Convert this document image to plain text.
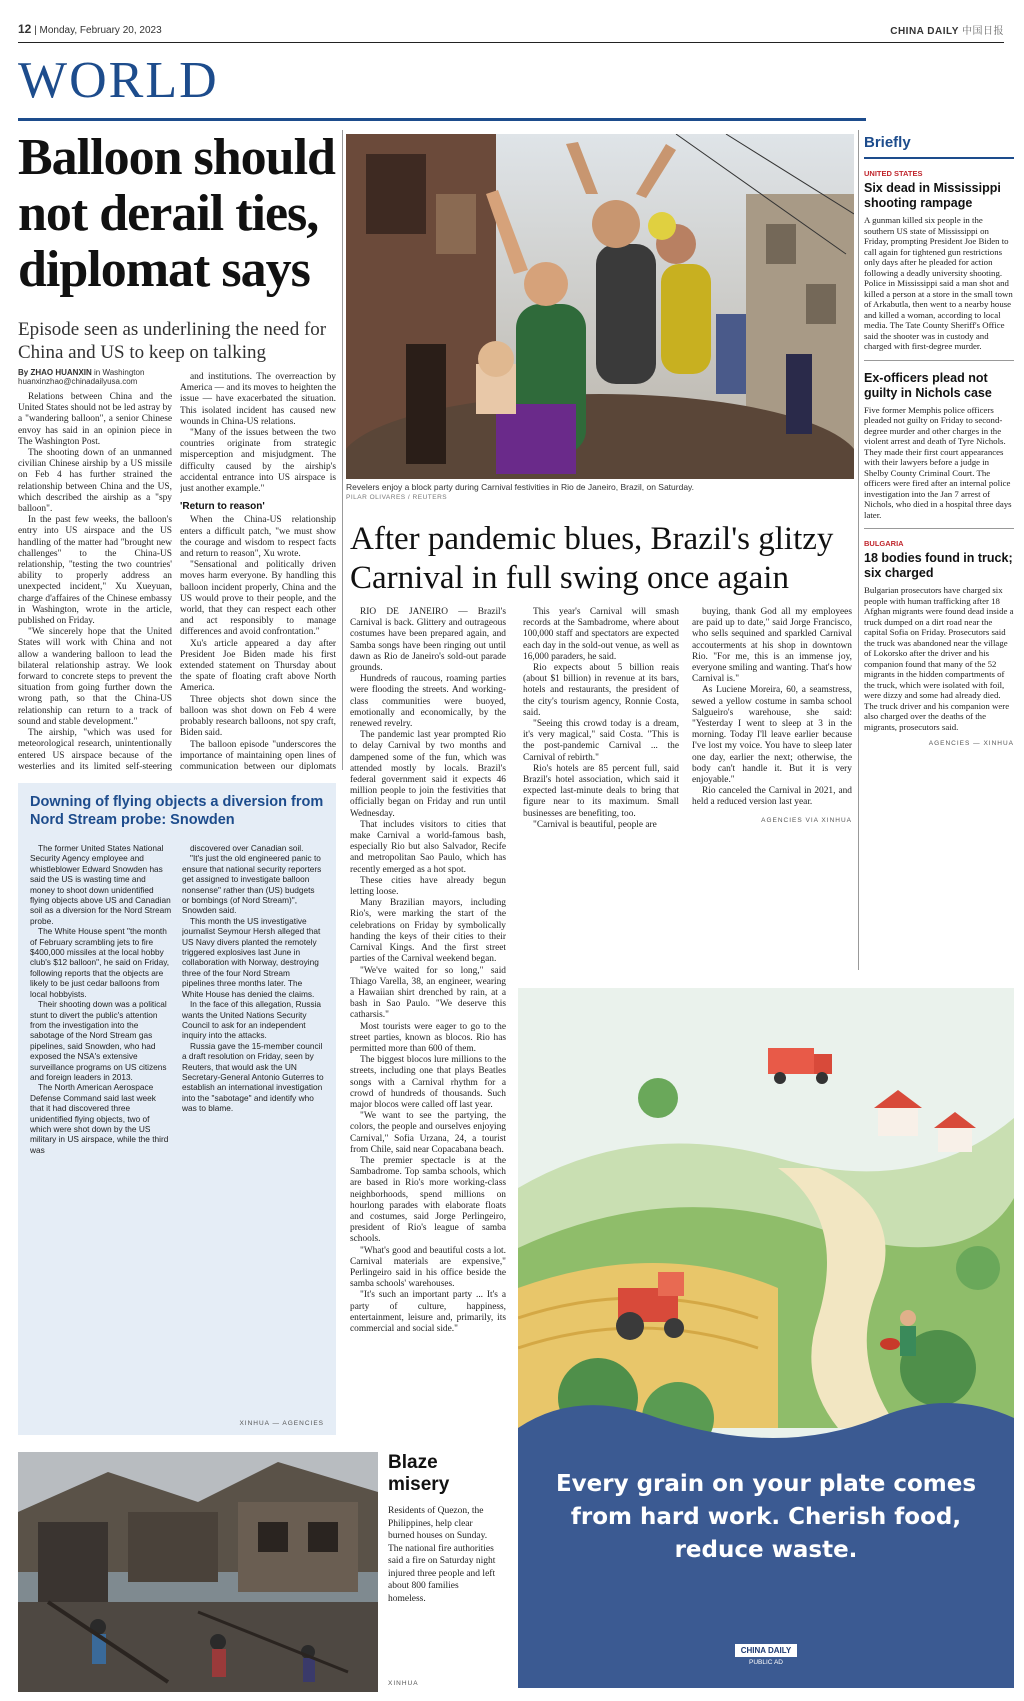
12 | Monday, February 20, 2023	CHINA DAILY 中国日报
WORLD
Balloon should not derail ties, diplomat says
Episode seen as underlining the need for China and US to keep on talking
By ZHAO HUANXIN in Washington
huanxinzhao@chinadailyusa.com

Relations between China and the United States should not be led astray by a "wandering balloon", a senior Chinese envoy has said in an opinion piece in The Washington Post.

The shooting down of an unmanned civilian Chinese airship by a US missile on Feb 4 has further strained the relationship between China and the US, which described the airship as a "spy balloon".

In the past few weeks, the balloon's entry into US airspace and the US handling of the matter had "brought new challenges" to the China-US relationship, "testing the two countries' ability to properly address an unexpected incident," Xu Xueyuan, charge d'affaires of the Chinese embassy in Washington, wrote in the article, published on Friday.

"We sincerely hope that the United States will work with China and not allow a wandering balloon to lead the bilateral relationship astray. We look forward to concrete steps to prevent the situation from going further down the wrong path, so that the China-US relationship can return to a track of sound and stable development."

The airship, "which was used for meteorological research, unintentionally entered US airspace because of the westerlies and its limited self-steering

and institutions. The overreaction by America — and its moves to heighten the issue — have exacerbated the situation. This isolated incident has caused new wounds in China-US relations.

"Many of the issues between the two countries originate from strategic misperception and misjudgment. The difficulty caused by the airship's accidental entrance into US airspace is just another example."

'Return to reason'

When the China-US relationship enters a difficult patch, "we must show the courage and wisdom to respect facts and return to reason", Xu wrote.

"Sensational and politically driven moves harm everyone. By handling this balloon incident properly, China and the US would prove to their people, and the world, that they can respect each other and act responsibly to manage differences and avoid confrontation."

Xu's article appeared a day after President Joe Biden made his first extended statement on Thursday about the spate of floating craft above North America.

Three objects shot down since the balloon was shot down on Feb 4 were probably research balloons, not spy craft, Biden said.

The balloon episode "underscores the importance of maintaining open lines of communication between our diplomats

Revelers enjoy a block party during Carnival festivities in Rio de Janeiro, Brazil, on Saturday.
PILAR OLIVARES / REUTERS
After pandemic blues, Brazil's glitzy Carnival in full swing once again

RIO DE JANEIRO — Brazil's Carnival is back. Glittery and outrageous costumes have been prepared again, and Samba songs have been ringing out until dawn as Rio de Janeiro's sold-out parade grounds.

Hundreds of raucous, roaming parties were flooding the streets. And working-class communities were buoyed, emotionally and economically, by the renewed revelry.

The pandemic last year prompted Rio to delay Carnival by two months and dampened some of the fun, which was attended mostly by locals. Brazil's federal government said it expects 46 million people to join the festivities that officially began on Friday and run until Wednesday.

That includes visitors to cities that make Carnival a world-famous bash, especially Rio but also Salvador, Recife and metropolitan Sao Paulo, which has recently emerged as a hot spot.

These cities have already begun letting loose.

Many Brazilian mayors, including Rio's, were marking the start of the celebrations on Friday by symbolically handing the keys of their cities to their Carnival Kings. And the first street parties of the Carnival weekend began.

"We've waited for so long," said Thiago Varella, 38, an engineer, wearing a Hawaiian shirt drenched by rain, at a bash in Sao Paulo. "We deserve this catharsis."

Most tourists were eager to go to the street parties, known as blocos. Rio has permitted more than 600 of them.

The biggest blocos lure millions to the streets, including one that plays Beatles songs with a Carnival rhythm for a crowd of hundreds of thousands. Such major blocos were called off last year.

"We want to see the partying, the colors, the people and ourselves enjoying Carnival," Sofia Urzana, 24, a tourist from Chile, said near Copacabana beach.

The premier spectacle is at the Sambadrome. Top samba schools, which are based in Rio's more working-class neighborhoods, spend millions on hourlong parades with elaborate floats and costumes, said Jorge Perlingeiro, president of Rio's league of samba schools.

"What's good and beautiful costs a lot. Carnival materials are expensive," Perlingeiro said in his office beside the samba schools' warehouses.

"It's such an important party ... It's a party of culture, happiness, entertainment, leisure and, primarily, its commercial and social side."

This year's Carnival will smash records at the Sambadrome, where about 100,000 staff and spectators are expected each day in the sold-out venue, as well as 16,000 paraders, he said.

Rio expects about 5 billion reais (about $1 billion) in revenue at its bars, hotels and restaurants, the president of the city's tourism agency, Ronnie Costa, said.

"Seeing this crowd today is a dream, it's very magical," said Costa. "This is the post-pandemic Carnival ... the Carnival of rebirth."

Rio's hotels are 85 percent full, said Brazil's hotel association, which said it expected last-minute deals to bring that figure near to its maximum. Small businesses are benefiting, too.

"Carnival is beautiful, people are

buying, thank God all my employees are paid up to date," said Jorge Francisco, who sells sequined and sparkled Carnival accouterments at his shop in downtown Rio. "For me, this is an immense joy, everyone smiling and wanting. That's how Carnival is."

As Luciene Moreira, 60, a seamstress, sewed a yellow costume in samba school Salgueiro's warehouse, she said: "Yesterday I went to sleep at 3 in the morning. Today I'll leave earlier because I've lost my voice. You have to sleep later one day, earlier the next; otherwise, the body can't handle it. But it is very enjoyable."

Rio canceled the Carnival in 2021, and held a reduced version last year.

AGENCIES VIA XINHUA
Briefly
UNITED STATES
Six dead in Mississippi shooting rampage
A gunman killed six people in the southern US state of Mississippi on Friday, prompting President Joe Biden to call again for tightened gun restrictions only days after he pleaded for action following a deadly university shooting. Police in Mississippi said a man shot and killed a person at a store in the small town of Arkabutla, then went to a nearby house and killed a woman, according to local media. The Tate County Sheriff's Office said the shooter was in custody and charged with first-degree murder.
Ex-officers plead not guilty in Nichols case
Five former Memphis police officers pleaded not guilty on Friday to second-degree murder and other charges in the violent arrest and death of Tyre Nichols. They made their first court appearances with their lawyers before a judge in Shelby County Criminal Court. The officers were fired after an internal police investigation into the Jan 7 arrest of Nichols, who died in a hospital three days later.
BULGARIA
18 bodies found in truck; six charged
Bulgarian prosecutors have charged six people with human trafficking after 18 Afghan migrants were found dead inside a truck dumped on a dirt road near the capital Sofia on Friday. Prosecutors said the truck was abandoned near the village of Lokorsko after the driver and his companion found that many of the 52 migrants in the hidden compartments of the truck, which were isolated with foil, were dizzy and some had already died. The truck driver and his companion were also charged over the deaths of the migrants, prosecutors said.
AGENCIES — XINHUA
Downing of flying objects a diversion from Nord Stream probe: Snowden

The former United States National Security Agency employee and whistleblower Edward Snowden has said the US is wasting time and money to shoot down unidentified flying objects above US and Canadian soil as a diversion for the Nord Stream probe.

The White House spent "the month of February scrambling jets to fire $400,000 missiles at the local hobby club's $12 balloon", he said on Friday, following reports that the objects are likely to be just cedar balloons from local hobbyists.

Their shooting down was a political stunt to divert the public's attention from the investigation into the sabotage of the Nord Stream gas pipelines, said Snowden, who had exposed the NSA's extensive surveillance programs on US citizens and foreign leaders in 2013.

The North American Aerospace Defense Command said last week that it had discovered three unidentified flying objects, two of which were shot down by the US military in US airspace, while the third was

discovered over Canadian soil.

"It's just the old engineered panic to ensure that national security reporters get assigned to investigate balloon nonsense" rather than (US) budgets or bombings (of Nord Stream)", Snowden said.

This month the US investigative journalist Seymour Hersh alleged that US Navy divers planted the remotely triggered explosives last June in collaboration with Norway, destroying three of the four Nord Stream pipelines three months later. The White House has denied the claims.

In the face of this allegation, Russia wants the United Nations Security Council to ask for an independent inquiry into the attacks.

Russia gave the 15-member council a draft resolution on Friday, seen by Reuters, that would ask the UN Secretary-General Antonio Guterres to establish an international investigation into the "sabotage" and identify who was to blame.

XINHUA — AGENCIES
Blaze misery
Residents of Quezon, the Philippines, help clear burned houses on Sunday. The national fire authorities said a fire on Saturday night injured three people and left about 800 families homeless.
XINHUA
Every grain on your plate comes
from hard work. Cherish food,
reduce waste.
CHINA DAILY
PUBLIC AD
